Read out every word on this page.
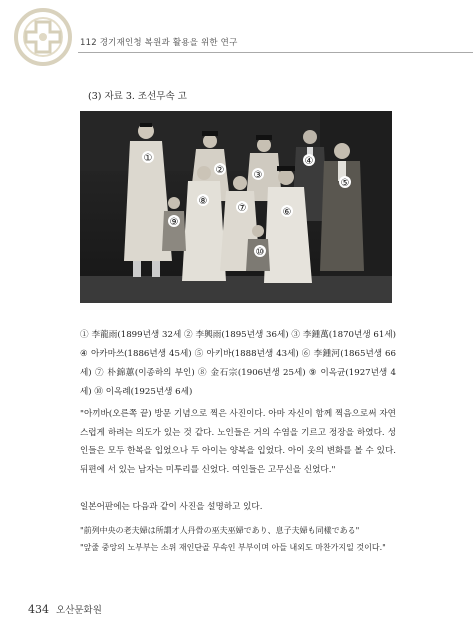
112 경기재인청 복원과 활용을 위한 연구
(3) 자료 3. 조선무속 고
①
②	③
④
⑤
⑥
⑦
⑧
⑨
⑩
① 李龍雨(1899년생 32세 ② 李興雨(1895년생 36세) ③ 李鍾萬(1870년생 61세) ④ 아카마쓰(1886년생 45세) ⑤ 아키바(1888년생 43세) ⑥ 李鍾河(1865년생 66세) ⑦ 朴錦蕙(이종하의 부인) ⑧ 金石宗(1906년생 25세) ⑨ 이옥균(1927년생 4세) ⑩ 이옥례(1925년생 6세)
"아끼바(오른쪽 끝) 방문 기념으로 찍은 사진이다. 아마 자신이 함께 찍음으로써 자연스럽게 하려는 의도가 있는 것 같다. 노인들은 거의 수염을 기르고 정장을 하였다. 성인들은 모두 한복을 입었으나 두 아이는 양복을 입었다. 아이 옷의 변화를 볼 수 있다. 뒤편에 서 있는 남자는 미투리를 신었다. 여인들은 고무신을 신었다."
일본어판에는 다음과 같이 사진을 설명하고 있다.
"前列中央の老夫婦は所謂才人丹骨の巫夫巫婦であり、息子夫婦も同樣である"
"앞줄 중앙의 노부부는 소위 재인단골 무속인 부부이며 아들 내외도 마찬가지일 것이다."
434 오산문화원
